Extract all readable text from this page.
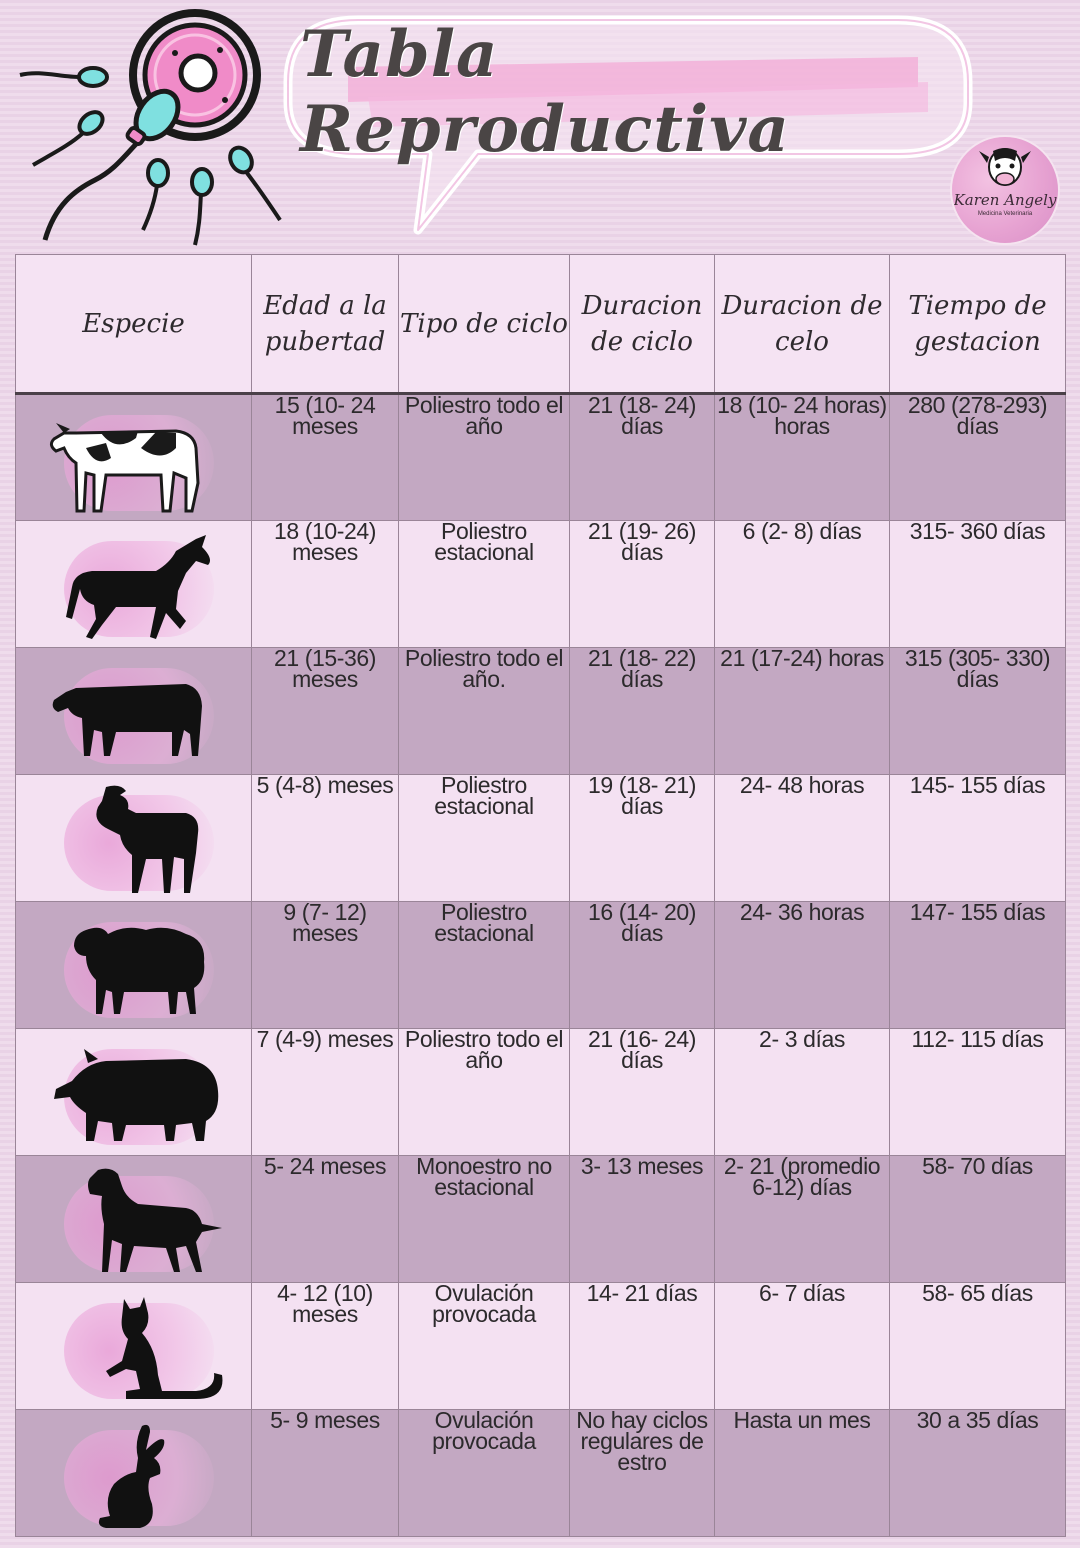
Tabla Reproductiva
Karen Angely
Medicina Veterinaria
Especie	Edad a la pubertad	Tipo de ciclo	Duracion de ciclo	Duracion de celo	Tiempo de gestacion

	15 (10- 24 meses	Poliestro todo el año	21 (18- 24) días	18 (10- 24 horas) horas	280 (278-293) días

	18 (10-24) meses	Poliestro estacional	21 (19- 26) días	6 (2- 8) días	315- 360 días

	21 (15-36) meses	Poliestro todo el año.	21 (18- 22) días	21 (17-24) horas	315 (305- 330) días

	5 (4-8) meses	Poliestro estacional	19 (18- 21) días	24- 48 horas	145- 155 días

	9 (7- 12) meses	Poliestro estacional	16 (14- 20) días	24- 36 horas	147- 155 días

	7 (4-9) meses	Poliestro todo el año	21 (16- 24) días	2- 3 días	112- 115 días

	5- 24 meses	Monoestro no estacional	3- 13 meses	2- 21 (promedio 6-12) días	58- 70 días

	4- 12 (10) meses	Ovulación provocada	14- 21 días	6- 7 días	58- 65 días

	5- 9 meses	Ovulación provocada	No hay ciclos regulares de estro	Hasta un mes	30 a 35 días
